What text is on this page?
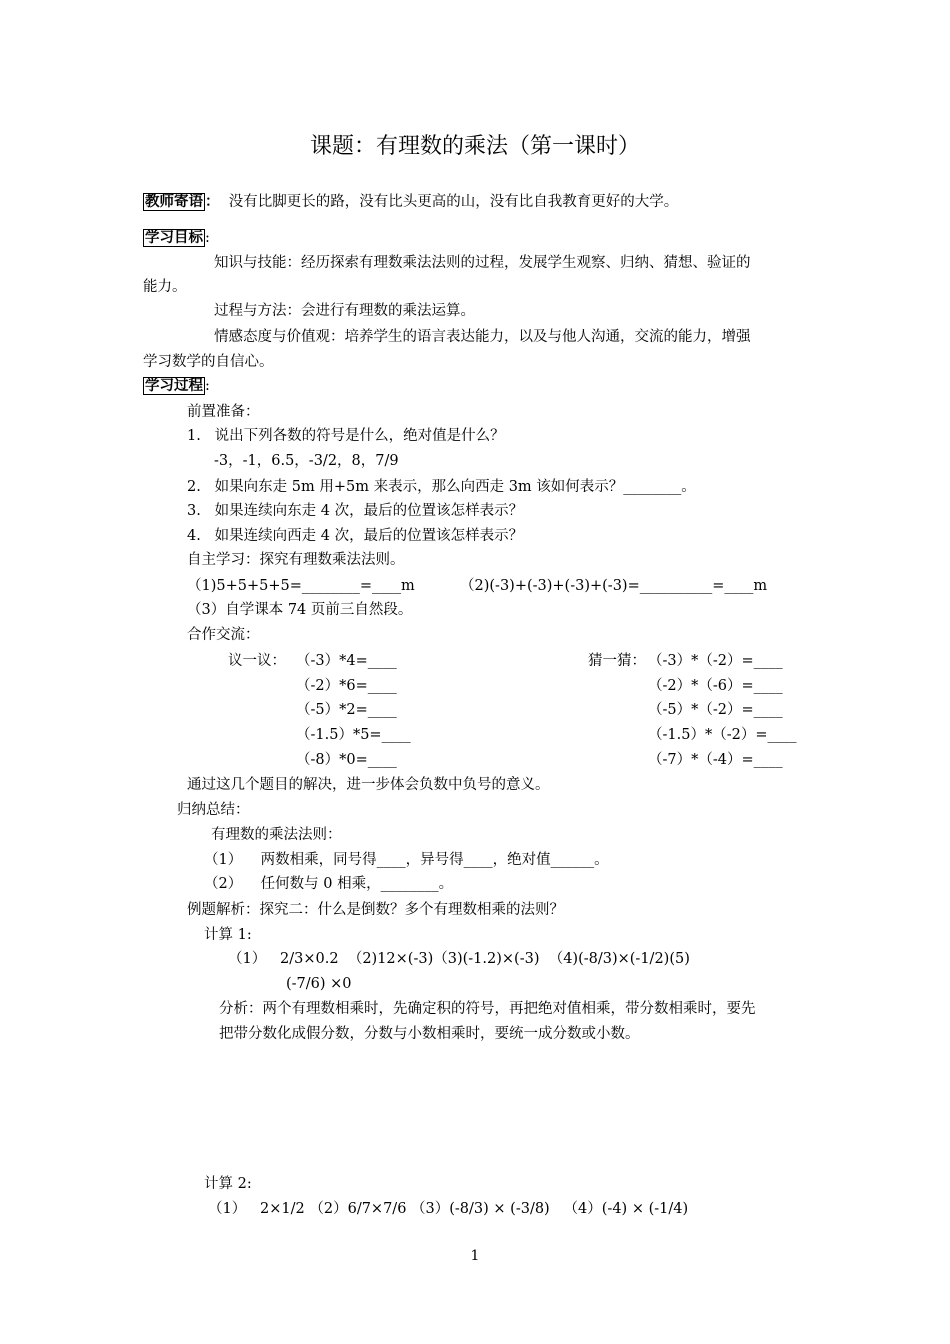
课题：有理数的乘法（第一课时）
教师寄语 ： 没有比脚更长的路，没有比头更高的山，没有比自我教育更好的大学。
学习目标 :
知识与技能：经历探索有理数乘法法则的过程，发展学生观察、归纳、猜想、验证的
能力。
过程与方法：会进行有理数的乘法运算。
情感态度与价值观：培养学生的语言表达能力，以及与他人沟通，交流的能力，增强
学习数学的自信心。
学习过程 :
前置准备：
1.   说出下列各数的符号是什么，绝对值是什么？
-3，-1，6.5，-3/2，8，7/9
2.   如果向东走 5m 用+5m 来表示，那么向西走 3m 该如何表示？________。
3.   如果连续向东走 4 次，最后的位置该怎样表示？
4.   如果连续向西走 4 次，最后的位置该怎样表示？
自主学习：探究有理数乘法法则。
（1)5+5+5+5=________=____m	（2)(-3)+(-3)+(-3)+(-3)=__________=____m
（3）自学课本 74 页前三自然段。
合作交流：
议一议： （-3）*4=____
（-2）*6=____
（-5）*2=____
（-1.5）*5=____
（-8）*0=____
猜一猜： （-3）*（-2）=____
（-2）*（-6）=____
（-5）*（-2）=____
（-1.5）*（-2）=____
（-7）*（-4）=____
通过这几个题目的解决，进一步体会负数中负号的意义。
归纳总结：
有理数的乘法法则：
（1）    两数相乘，同号得____，异号得____，绝对值______。
（2）    任何数与 0 相乘，________。
例题解析：探究二：什么是倒数？多个有理数相乘的法则？
计算 1:
（1）   2/3×0.2  （2)12×(-3)（3)(-1.2)×(-3)  （4)(-8/3)×(-1/2)(5)
(-7/6) ×0
分析：两个有理数相乘时，先确定积的符号，再把绝对值相乘，带分数相乘时，要先
把带分数化成假分数，分数与小数相乘时，要统一成分数或小数。
计算 2:
（1）   2×1/2 （2）6/7×7/6 （3）(-8/3) × (-3/8)   （4）(-4) × (-1/4)
1
